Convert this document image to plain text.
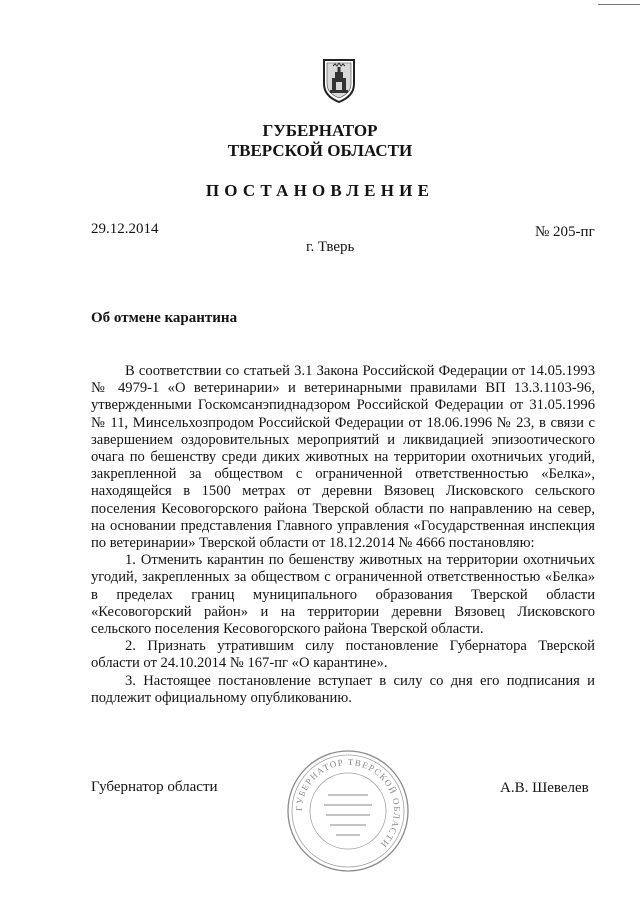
ГУБЕРНАТОР
ТВЕРСКОЙ ОБЛАСТИ
ПОСТАНОВЛЕНИЕ
29.12.2014	№ 205-пг
г. Тверь
Об отмене карантина

В соответствии со статьей 3.1 Закона Российской Федерации от 14.05.1993 № 4979-1 «О ветеринарии» и ветеринарными правилами ВП 13.3.1103-96, утвержденными Госкомсанэпиднадзором Российской Федерации от 31.05.1996 № 11, Минсельхозпродом Российской Федерации от 18.06.1996 № 23, в связи с завершением оздоровительных мероприятий и ликвидацией эпизоотического очага по бешенству среди диких животных на территории охотничьих угодий, закрепленной за обществом с ограниченной ответственностью «Белка», находящейся в 1500 метрах от деревни Вязовец Лисковского сельского поселения Кесовогорского района Тверской области по направлению на север, на основании представления Главного управления «Государственная инспекция по ветеринарии» Тверской области от 18.12.2014 № 4666 постановляю:

1. Отменить карантин по бешенству животных на территории охотничьих угодий, закрепленных за обществом с ограниченной ответственностью «Белка» в пределах границ муниципального образования Тверской области «Кесовогорский район» и на территории деревни Вязовец Лисковского сельского поселения Кесовогорского района Тверской области.

2. Признать утратившим силу постановление Губернатора Тверской области от 24.10.2014 № 167-пг «О карантине».

3. Настоящее постановление вступает в силу со дня его подписания и подлежит официальному опубликованию.

ГУБЕРНАТОР ТВЕРСКОЙ ОБЛАСТИ
Губернатор области	А.В. Шевелев
